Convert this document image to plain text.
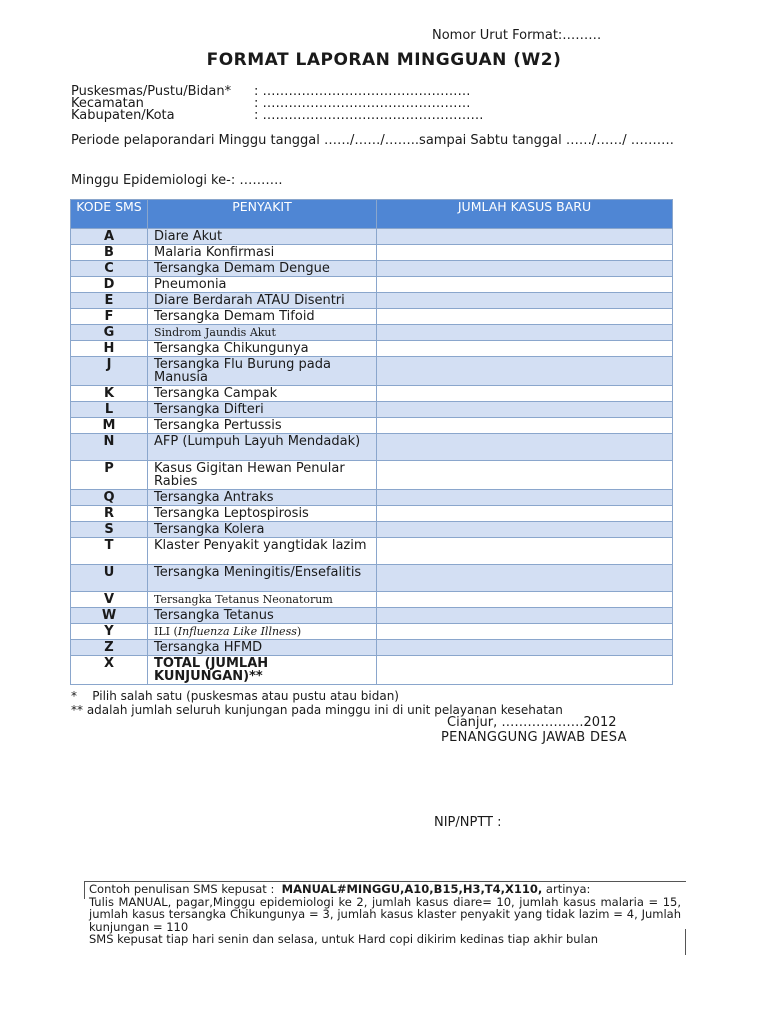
Nomor Urut Format:………
FORMAT LAPORAN MINGGUAN (W2)
Puskesmas/Pustu/Bidan* : …………………………………………
Kecamatan	: …………………………………………
Kabupaten/Kota	: ……………………………………………
Periode pelaporandari Minggu tanggal ……/……/……..sampai Sabtu tanggal ……/……/ ……….
Minggu Epidemiologi ke-: ……….
KODE SMS	PENYAKIT	JUMLAH KASUS BARU
A	Diare Akut	
B	Malaria Konfirmasi	
C	Tersangka Demam Dengue	
D	Pneumonia	
E	Diare Berdarah ATAU Disentri	
F	Tersangka Demam Tifoid	
G	Sindrom Jaundis Akut	
H	Tersangka Chikungunya	
J	Tersangka Flu Burung pada Manusia	
K	Tersangka Campak	
L	Tersangka Difteri	
M	Tersangka Pertussis	
N	AFP (Lumpuh Layuh Mendadak)	
P	Kasus Gigitan Hewan Penular Rabies	
Q	Tersangka Antraks	
R	Tersangka Leptospirosis	
S	Tersangka Kolera	
T	Klaster Penyakit yangtidak lazim	
U	Tersangka Meningitis/Ensefalitis	
V	Tersangka Tetanus Neonatorum	
W	Tersangka Tetanus	
Y	ILI (Influenza Like Illness)	
Z	Tersangka HFMD	
X	TOTAL (JUMLAH KUNJUNGAN)**	
*    Pilih salah satu (puskesmas atau pustu atau bidan)
** adalah jumlah seluruh kunjungan pada minggu ini di unit pelayanan kesehatan
Cianjur, ……………….2012
PENANGGUNG JAWAB DESA
NIP/NPTT :
Contoh penulisan SMS kepusat :  MANUAL#MINGGU,A10,B15,H3,T4,X110, artinya:
Tulis MANUAL, pagar,Minggu epidemiologi ke 2, jumlah kasus diare= 10, jumlah kasus malaria = 15, jumlah kasus tersangka Chikungunya = 3, jumlah kasus klaster penyakit yang tidak lazim = 4, Jumlah kunjungan = 110
SMS kepusat tiap hari senin dan selasa, untuk Hard copi dikirim kedinas tiap akhir bulan
